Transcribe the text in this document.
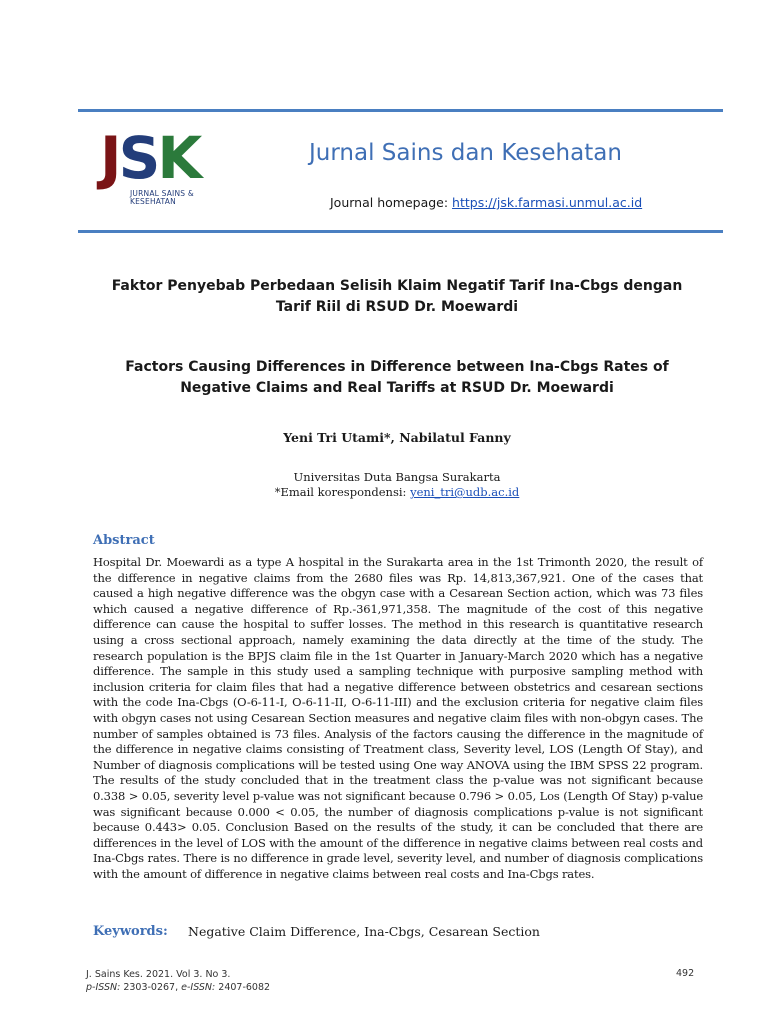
JSK
JURNAL SAINS &
KESEHATAN
Jurnal Sains dan Kesehatan
Journal homepage: https://jsk.farmasi.unmul.ac.id
Faktor Penyebab Perbedaan Selisih Klaim Negatif Tarif Ina-Cbgs dengan Tarif Riil di RSUD Dr. Moewardi
Factors Causing Differences in Difference between Ina-Cbgs Rates of Negative Claims and Real Tariffs at RSUD Dr. Moewardi
Yeni Tri Utami*, Nabilatul Fanny
Universitas Duta Bangsa Surakarta
*Email korespondensi: yeni_tri@udb.ac.id
Abstract
Hospital Dr. Moewardi as a type A hospital in the Surakarta area in the 1st Trimonth 2020, the result of the difference in negative claims from the 2680 files was Rp. 14,813,367,921. One of the cases that caused a high negative difference was the obgyn case with a Cesarean Section action, which was 73 files which caused a negative difference of Rp.-361,971,358. The magnitude of the cost of this negative difference can cause the hospital to suffer losses. The method in this research is quantitative research using a cross sectional approach, namely examining the data directly at the time of the study. The research population is the BPJS claim file in the 1st Quarter in January-March 2020 which has a negative difference. The sample in this study used a sampling technique with purposive sampling method with inclusion criteria for claim files that had a negative difference between obstetrics and cesarean sections with the code Ina-Cbgs (O-6-11-I, O-6-11-II, O-6-11-III) and the exclusion criteria for negative claim files with obgyn cases not using Cesarean Section measures and negative claim files with non-obgyn cases. The number of samples obtained is 73 files. Analysis of the factors causing the difference in the magnitude of the difference in negative claims consisting of Treatment class, Severity level, LOS (Length Of Stay), and Number of diagnosis complications will be tested using One way ANOVA using the IBM SPSS 22 program. The results of the study concluded that in the treatment class the p-value was not significant because 0.338 > 0.05, severity level p-value was not significant because 0.796 > 0.05, Los (Length Of Stay) p-value was significant because 0.000 < 0.05, the number of diagnosis complications p-value is not significant because 0.443> 0.05. Conclusion Based on the results of the study, it can be concluded that there are differences in the level of LOS with the amount of the difference in negative claims between real costs and Ina-Cbgs rates. There is no difference in grade level, severity level, and number of diagnosis complications with the amount of difference in negative claims between real costs and Ina-Cbgs rates.
Keywords: Negative Claim Difference, Ina-Cbgs, Cesarean Section
J. Sains Kes. 2021. Vol 3. No 3.
p-ISSN: 2303-0267, e-ISSN: 2407-6082
492
